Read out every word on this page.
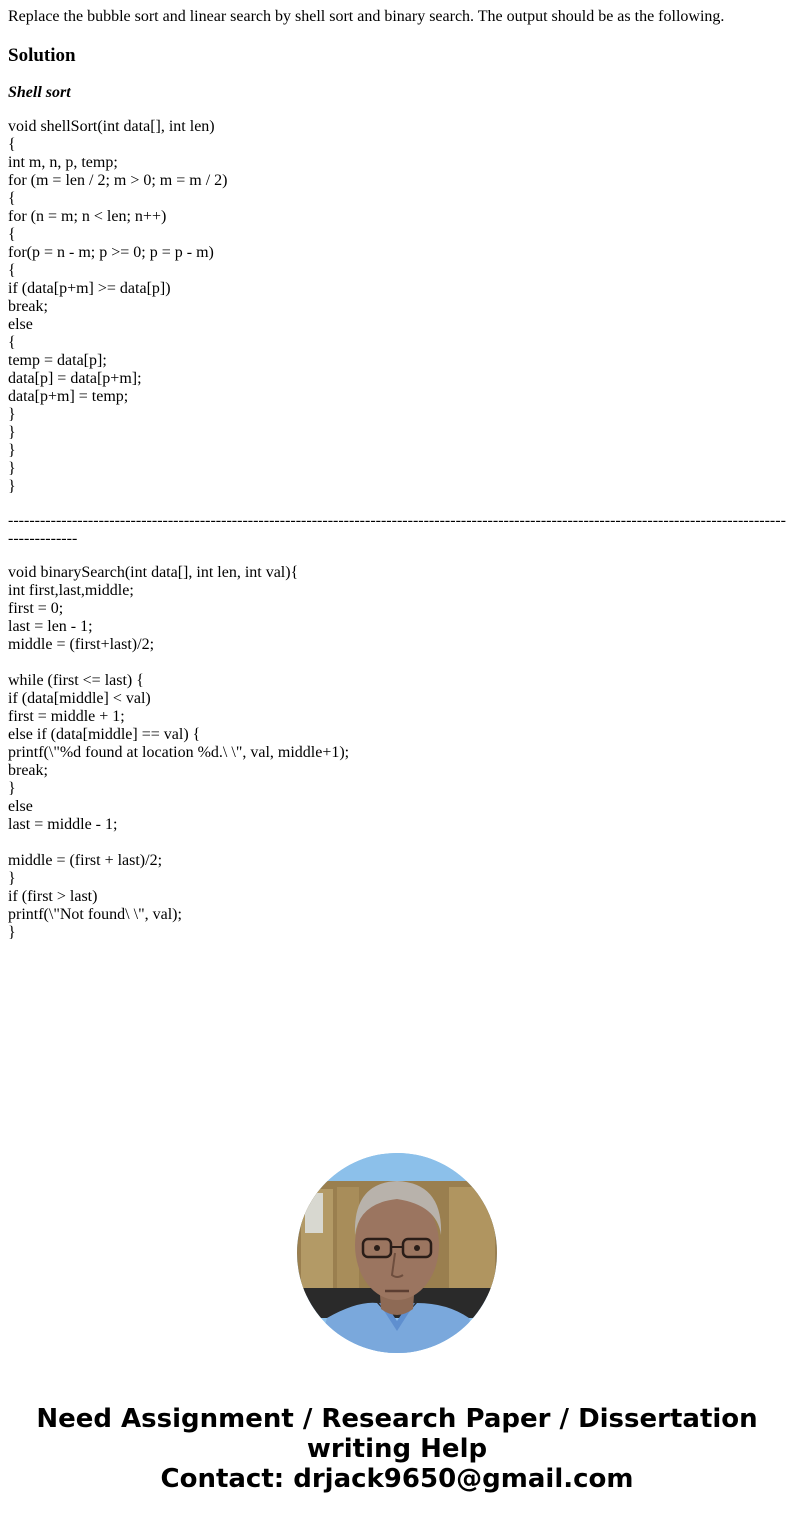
Replace the bubble sort and linear search by shell sort and binary search. The output should be as the following.

Solution
Shell sort
void shellSort(int data[], int len)
{
int m, n, p, temp;
for (m = len / 2; m > 0; m = m / 2)
{
for (n = m; n < len; n++)
{
for(p = n - m; p >= 0; p = p - m)
{
if (data[p+m] >= data[p])
break;
else
{
temp = data[p];
data[p] = data[p+m];
data[p+m] = temp;
}
}
}
}
}
---------------------------------------------------------------------------------------------------------------------------------------------------------------
void binarySearch(int data[], int len, int val){
int first,last,middle;
first = 0;
last = len - 1;
middle = (first+last)/2;
while (first <= last) {
if (data[middle] < val)
first = middle + 1;
else if (data[middle] == val) {
printf(\"%d found at location %d.\ \", val, middle+1);
break;
}
else
last = middle - 1;
middle = (first + last)/2;
}
if (first > last)
printf(\"Not found\ \", val);
}
Need Assignment / Research Paper / Dissertation
writing Help
Contact: drjack9650@gmail.com
